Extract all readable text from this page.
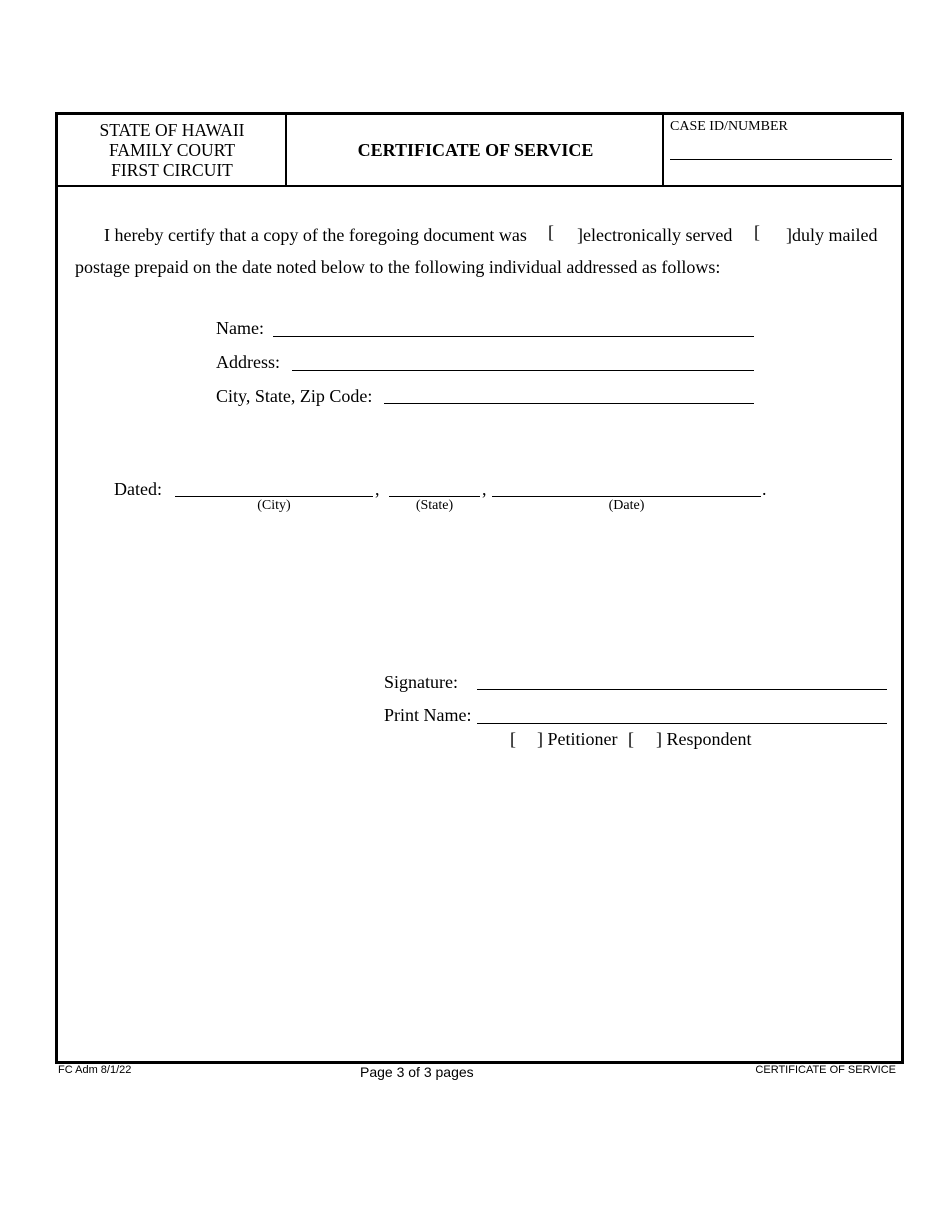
STATE OF HAWAII
FAMILY COURT
FIRST CIRCUIT
CERTIFICATE OF SERVICE
CASE ID/NUMBER
I hereby certify that a copy of the foregoing document was [	]electronically served [	]duly mailed
postage prepaid on the date noted below to the following individual addressed as follows:
Name:
Address:
City, State, Zip Code:
Dated:	,	,	.
(City)	(State)	(Date)
Signature:
Print Name:
[	] Petitioner [	] Respondent
FC Adm 8/1/22	Page 3 of 3 pages	CERTIFICATE OF SERVICE
